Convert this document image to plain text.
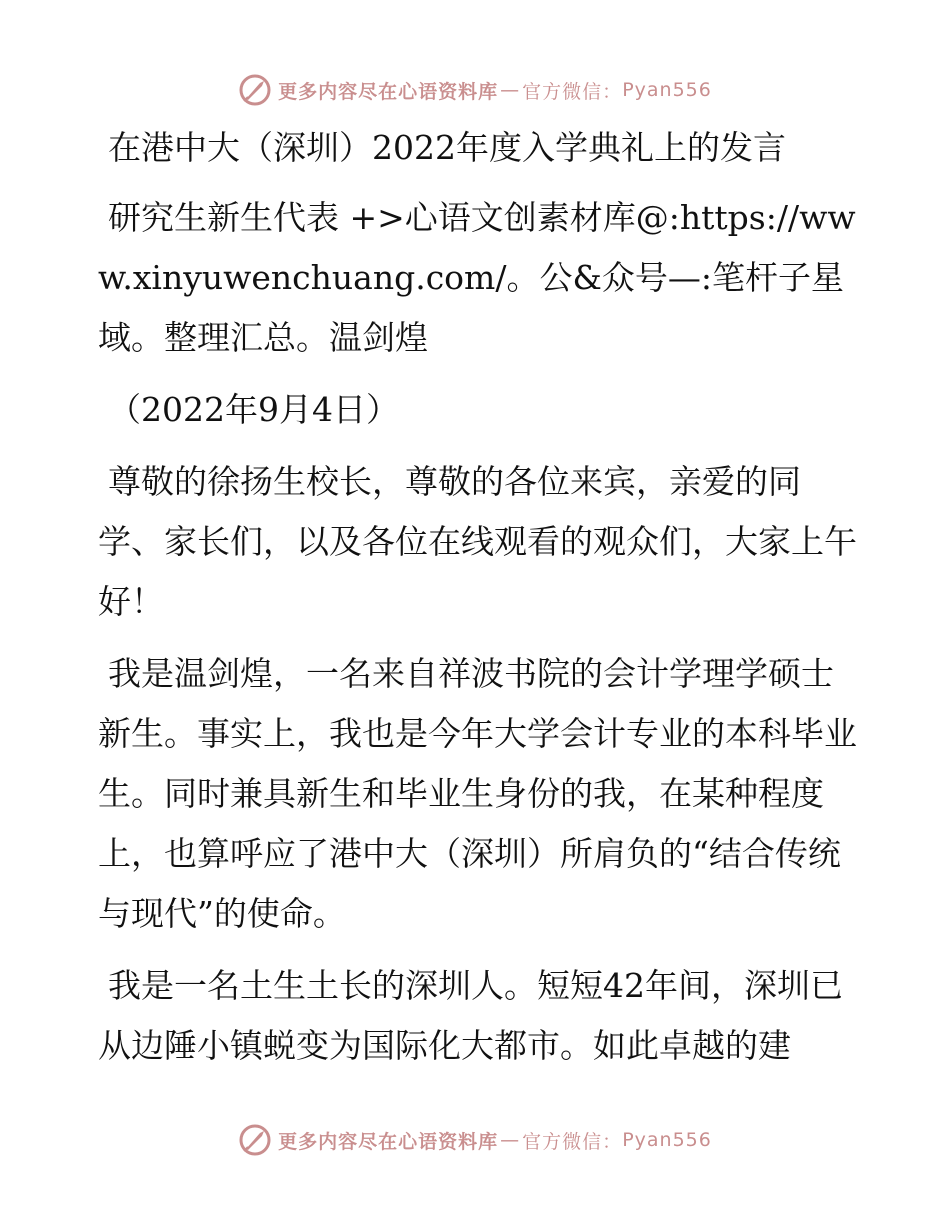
更多内容尽在心语资料库 — 官方微信： Pyan556

在港中大（深圳）2022年度入学典礼上的发言

研究生新生代表 +>心语文创素材库@:https://www.xinyuwenchuang.com/。公&众号—:笔杆子星域。整理汇总。温剑煌

（2022年9月4日）

尊敬的徐扬生校长，尊敬的各位来宾，亲爱的同学、家长们，以及各位在线观看的观众们，大家上午好！

我是温剑煌，一名来自祥波书院的会计学理学硕士新生。事实上，我也是今年大学会计专业的本科毕业生。同时兼具新生和毕业生身份的我，在某种程度上，也算呼应了港中大（深圳）所肩负的“结合传统与现代”的使命。

我是一名土生土长的深圳人。短短42年间，深圳已从边陲小镇蜕变为国际化大都市。如此卓越的建

更多内容尽在心语资料库 — 官方微信： Pyan556
